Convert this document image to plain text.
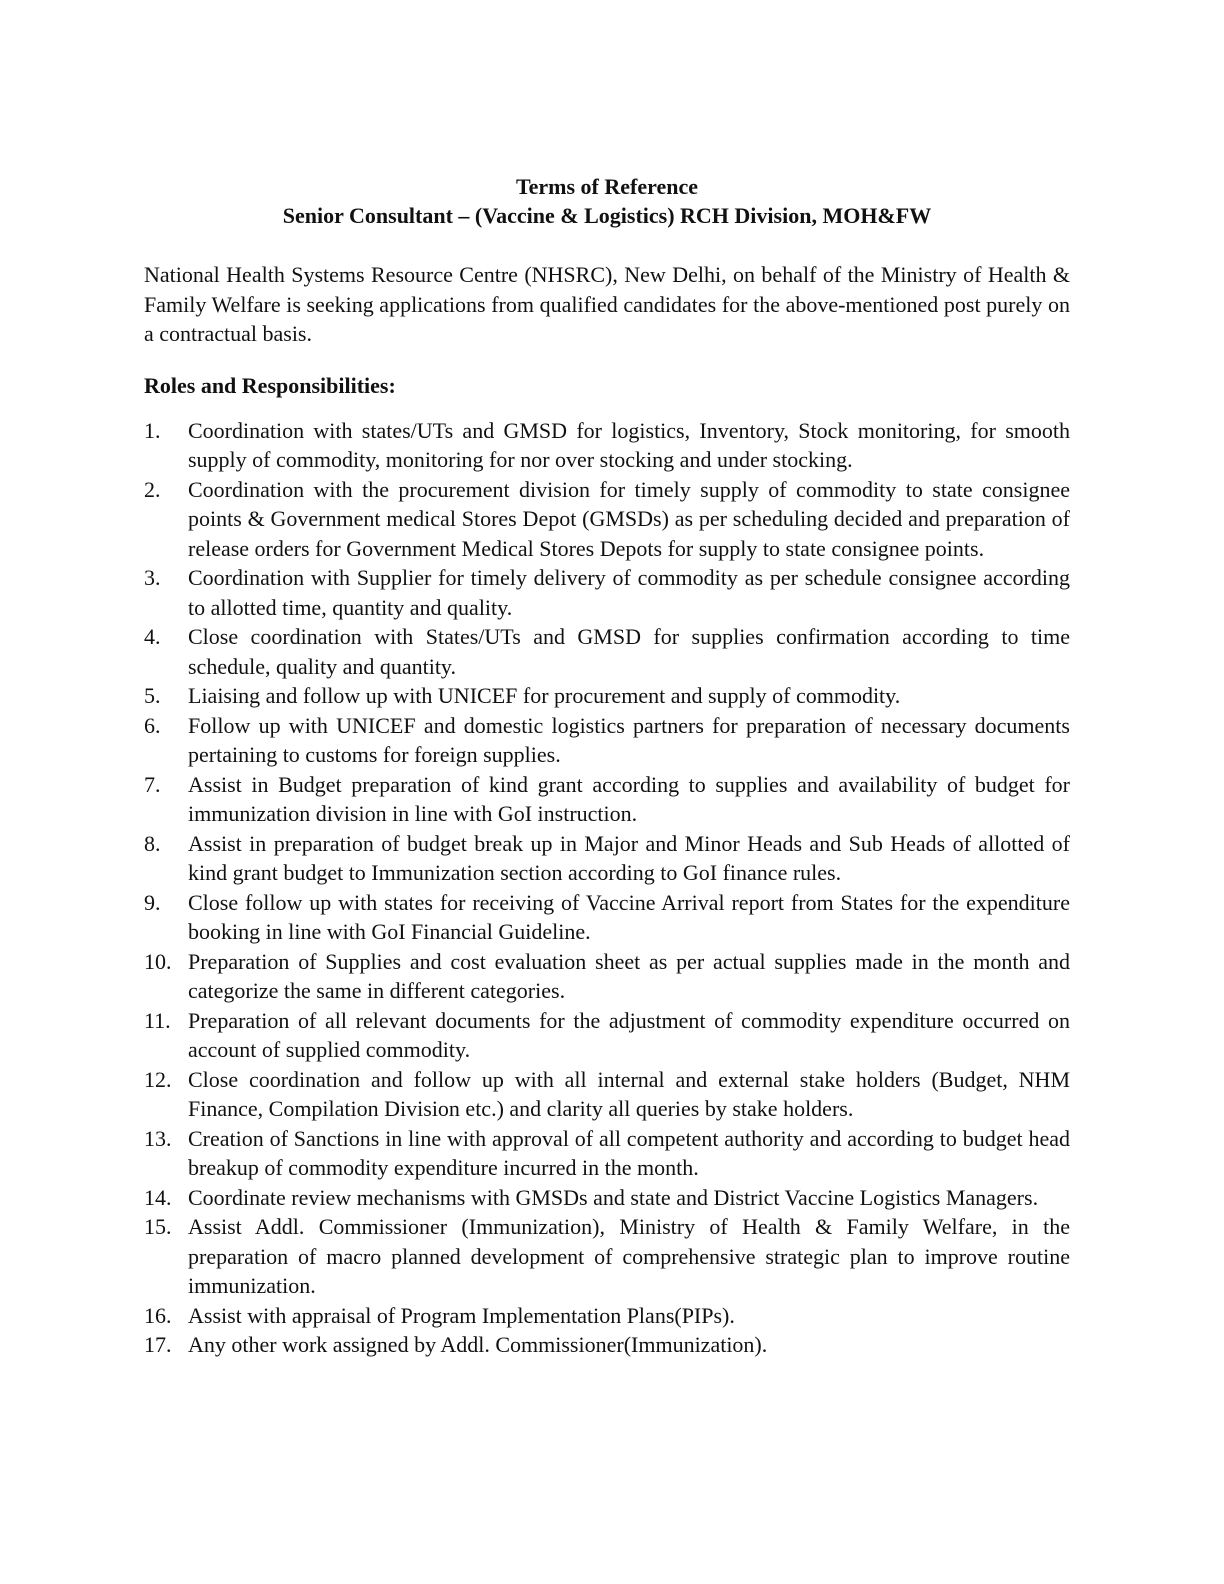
Terms of Reference
Senior Consultant – (Vaccine & Logistics) RCH Division, MOH&FW

National Health Systems Resource Centre (NHSRC), New Delhi, on behalf of the Ministry of Health & Family Welfare is seeking applications from qualified candidates for the above-mentioned post purely on a contractual basis.

Roles and Responsibilities:
1. Coordination with states/UTs and GMSD for logistics, Inventory, Stock monitoring, for smooth supply of commodity, monitoring for nor over stocking and under stocking.
2. Coordination with the procurement division for timely supply of commodity to state consignee points & Government medical Stores Depot (GMSDs) as per scheduling decided and preparation of release orders for Government Medical Stores Depots for supply to state consignee points.
3. Coordination with Supplier for timely delivery of commodity as per schedule consignee according to allotted time, quantity and quality.
4. Close coordination with States/UTs and GMSD for supplies confirmation according to time schedule, quality and quantity.
5. Liaising and follow up with UNICEF for procurement and supply of commodity.
6. Follow up with UNICEF and domestic logistics partners for preparation of necessary documents pertaining to customs for foreign supplies.
7. Assist in Budget preparation of kind grant according to supplies and availability of budget for immunization division in line with GoI instruction.
8. Assist in preparation of budget break up in Major and Minor Heads and Sub Heads of allotted of kind grant budget to Immunization section according to GoI finance rules.
9. Close follow up with states for receiving of Vaccine Arrival report from States for the expenditure booking in line with GoI Financial Guideline.
10. Preparation of Supplies and cost evaluation sheet as per actual supplies made in the month and categorize the same in different categories.
11. Preparation of all relevant documents for the adjustment of commodity expenditure occurred on account of supplied commodity.
12. Close coordination and follow up with all internal and external stake holders (Budget, NHM Finance, Compilation Division etc.) and clarity all queries by stake holders.
13. Creation of Sanctions in line with approval of all competent authority and according to budget head breakup of commodity expenditure incurred in the month.
14. Coordinate review mechanisms with GMSDs and state and District Vaccine Logistics Managers.
15. Assist Addl. Commissioner (Immunization), Ministry of Health & Family Welfare, in the preparation of macro planned development of comprehensive strategic plan to improve routine immunization.
16. Assist with appraisal of Program Implementation Plans(PIPs).
17. Any other work assigned by Addl. Commissioner(Immunization).
